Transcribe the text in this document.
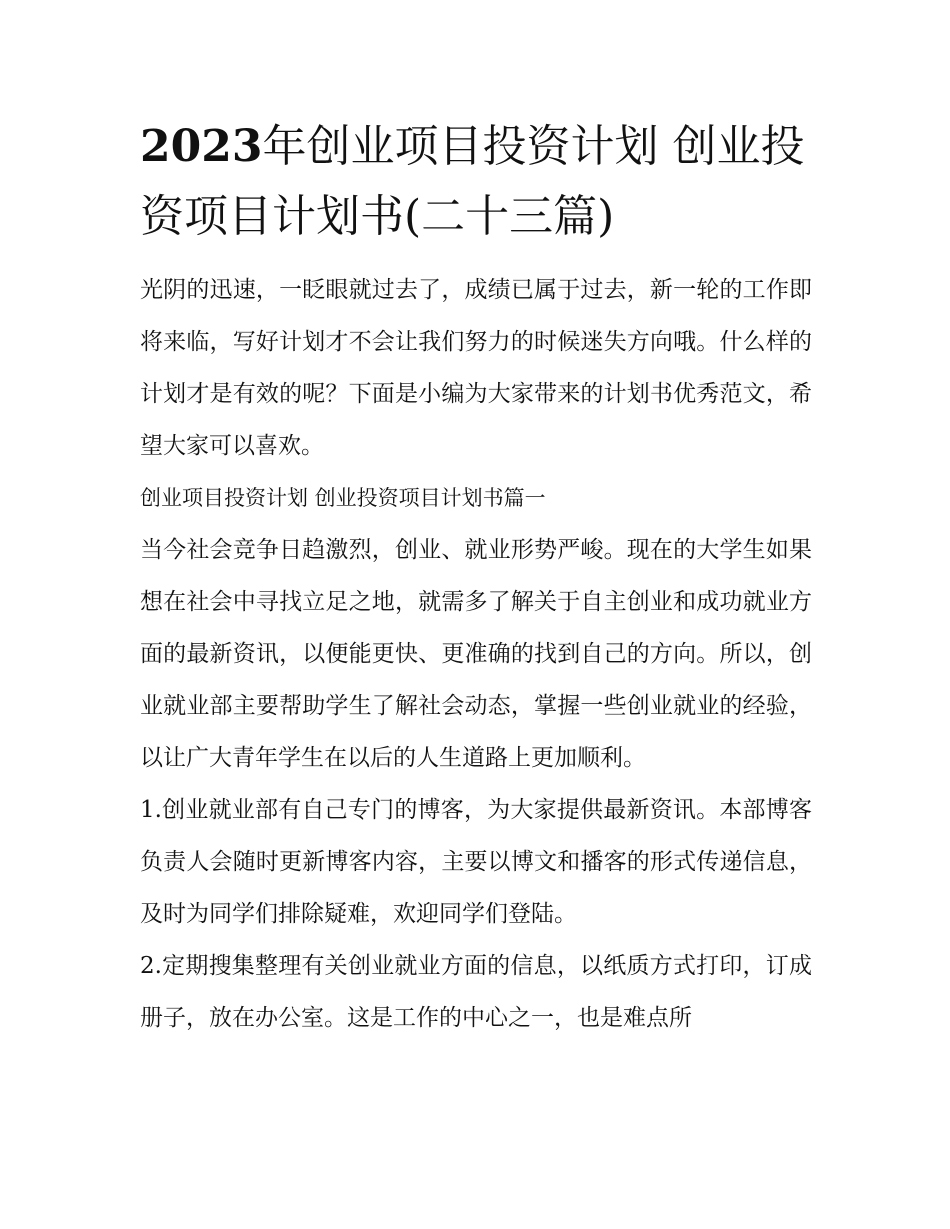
2023年创业项目投资计划 创业投资项目计划书(二十三篇)

光阴的迅速，一眨眼就过去了，成绩已属于过去，新一轮的工作即将来临，写好计划才不会让我们努力的时候迷失方向哦。什么样的计划才是有效的呢？下面是小编为大家带来的计划书优秀范文，希望大家可以喜欢。

创业项目投资计划 创业投资项目计划书篇一

当今社会竞争日趋激烈，创业、就业形势严峻。现在的大学生如果想在社会中寻找立足之地，就需多了解关于自主创业和成功就业方面的最新资讯，以便能更快、更准确的找到自己的方向。所以，创业就业部主要帮助学生了解社会动态，掌握一些创业就业的经验，以让广大青年学生在以后的人生道路上更加顺利。

1.创业就业部有自己专门的博客，为大家提供最新资讯。本部博客负责人会随时更新博客内容，主要以博文和播客的形式传递信息，及时为同学们排除疑难，欢迎同学们登陆。

2.定期搜集整理有关创业就业方面的信息，以纸质方式打印，订成册子，放在办公室。这是工作的中心之一，也是难点所
